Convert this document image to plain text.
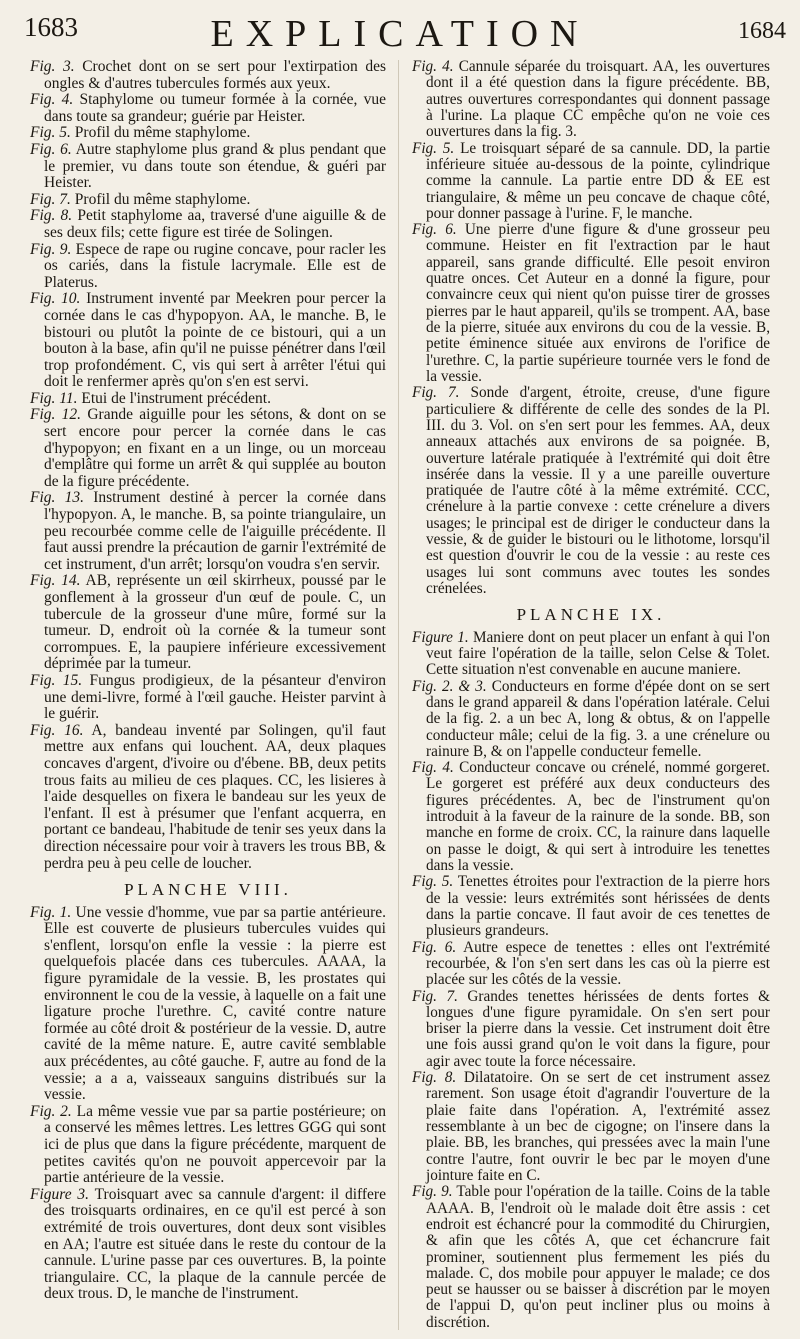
1683	EXPLICATION	1684

Fig. 3. Crochet dont on se sert pour l'extirpation des ongles & d'autres tubercules formés aux yeux.

Fig. 4. Staphylome ou tumeur formée à la cornée, vue dans toute sa grandeur; guérie par Heister.

Fig. 5. Profil du même staphylome.

Fig. 6. Autre staphylome plus grand & plus pendant que le premier, vu dans toute son étendue, & guéri par Heister.

Fig. 7. Profil du même staphylome.

Fig. 8. Petit staphylome aa, traversé d'une aiguille & de ses deux fils; cette figure est tirée de Solingen.

Fig. 9. Espece de rape ou rugine concave, pour racler les os cariés, dans la fistule lacrymale. Elle est de Platerus.

Fig. 10. Instrument inventé par Meekren pour percer la cornée dans le cas d'hypopyon. AA, le manche. B, le bistouri ou plutôt la pointe de ce bistouri, qui a un bouton à la base, afin qu'il ne puisse pénétrer dans l'œil trop profondément. C, vis qui sert à arrêter l'étui qui doit le renfermer après qu'on s'en est servi.

Fig. 11. Etui de l'instrument précédent.

Fig. 12. Grande aiguille pour les sétons, & dont on se sert encore pour percer la cornée dans le cas d'hypopyon; en fixant en a un linge, ou un morceau d'emplâtre qui forme un arrêt & qui supplée au bouton de la figure précédente.

Fig. 13. Instrument destiné à percer la cornée dans l'hypopyon. A, le manche. B, sa pointe triangulaire, un peu recourbée comme celle de l'aiguille précédente. Il faut aussi prendre la précaution de garnir l'extrémité de cet instrument, d'un arrêt; lorsqu'on voudra s'en servir.

Fig. 14. AB, représente un œil skirrheux, poussé par le gonflement à la grosseur d'un œuf de poule. C, un tubercule de la grosseur d'une mûre, formé sur la tumeur. D, endroit où la cornée & la tumeur sont corrompues. E, la paupiere inférieure excessivement déprimée par la tumeur.

Fig. 15. Fungus prodigieux, de la pésanteur d'environ une demi-livre, formé à l'œil gauche. Heister parvint à le guérir.

Fig. 16. A, bandeau inventé par Solingen, qu'il faut mettre aux enfans qui louchent. AA, deux plaques concaves d'argent, d'ivoire ou d'ébene. BB, deux petits trous faits au milieu de ces plaques. CC, les lisieres à l'aide desquelles on fixera le bandeau sur les yeux de l'enfant. Il est à présumer que l'enfant acquerra, en portant ce bandeau, l'habitude de tenir ses yeux dans la direction nécessaire pour voir à travers les trous BB, & perdra peu à peu celle de loucher.

PLANCHE VIII.

Fig. 1. Une vessie d'homme, vue par sa partie antérieure. Elle est couverte de plusieurs tubercules vuides qui s'enflent, lorsqu'on enfle la vessie : la pierre est quelquefois placée dans ces tubercules. AAAA, la figure pyramidale de la vessie. B, les prostates qui environnent le cou de la vessie, à laquelle on a fait une ligature proche l'urethre. C, cavité contre nature formée au côté droit & postérieur de la vessie. D, autre cavité de la même nature. E, autre cavité semblable aux précédentes, au côté gauche. F, autre au fond de la vessie; a a a, vaisseaux sanguins distribués sur la vessie.

Fig. 2. La même vessie vue par sa partie postérieure; on a conservé les mêmes lettres. Les lettres GGG qui sont ici de plus que dans la figure précédente, marquent de petites cavités qu'on ne pouvoit appercevoir par la partie antérieure de la vessie.

Figure 3. Troisquart avec sa cannule d'argent: il differe des troisquarts ordinaires, en ce qu'il est percé à son extrémité de trois ouvertures, dont deux sont visibles en AA; l'autre est située dans le reste du contour de la cannule. L'urine passe par ces ouvertures. B, la pointe triangulaire. CC, la plaque de la cannule percée de deux trous. D, le manche de l'instrument.

Fig. 4. Cannule séparée du troisquart. AA, les ouvertures dont il a été question dans la figure précédente. BB, autres ouvertures correspondantes qui donnent passage à l'urine. La plaque CC empêche qu'on ne voie ces ouvertures dans la fig. 3.

Fig. 5. Le troisquart séparé de sa cannule. DD, la partie inférieure située au-dessous de la pointe, cylindrique comme la cannule. La partie entre DD & EE est triangulaire, & même un peu concave de chaque côté, pour donner passage à l'urine. F, le manche.

Fig. 6. Une pierre d'une figure & d'une grosseur peu commune. Heister en fit l'extraction par le haut appareil, sans grande difficulté. Elle pesoit environ quatre onces. Cet Auteur en a donné la figure, pour convaincre ceux qui nient qu'on puisse tirer de grosses pierres par le haut appareil, qu'ils se trompent. AA, base de la pierre, située aux environs du cou de la vessie. B, petite éminence située aux environs de l'orifice de l'urethre. C, la partie supérieure tournée vers le fond de la vessie.

Fig. 7. Sonde d'argent, étroite, creuse, d'une figure particuliere & différente de celle des sondes de la Pl. III. du 3. Vol. on s'en sert pour les femmes. AA, deux anneaux attachés aux environs de sa poignée. B, ouverture latérale pratiquée à l'extrémité qui doit être insérée dans la vessie. Il y a une pareille ouverture pratiquée de l'autre côté à la même extrémité. CCC, crénelure à la partie convexe : cette crénelure a divers usages; le principal est de diriger le conducteur dans la vessie, & de guider le bistouri ou le lithotome, lorsqu'il est question d'ouvrir le cou de la vessie : au reste ces usages lui sont communs avec toutes les sondes crénelées.

PLANCHE IX.

Figure 1. Maniere dont on peut placer un enfant à qui l'on veut faire l'opération de la taille, selon Celse & Tolet. Cette situation n'est convenable en aucune maniere.

Fig. 2. & 3. Conducteurs en forme d'épée dont on se sert dans le grand appareil & dans l'opération latérale. Celui de la fig. 2. a un bec A, long & obtus, & on l'appelle conducteur mâle; celui de la fig. 3. a une crénelure ou rainure B, & on l'appelle conducteur femelle.

Fig. 4. Conducteur concave ou crénelé, nommé gorgeret. Le gorgeret est préféré aux deux conducteurs des figures précédentes. A, bec de l'instrument qu'on introduit à la faveur de la rainure de la sonde. BB, son manche en forme de croix. CC, la rainure dans laquelle on passe le doigt, & qui sert à introduire les tenettes dans la vessie.

Fig. 5. Tenettes étroites pour l'extraction de la pierre hors de la vessie: leurs extrémités sont hérissées de dents dans la partie concave. Il faut avoir de ces tenettes de plusieurs grandeurs.

Fig. 6. Autre espece de tenettes : elles ont l'extrémité recourbée, & l'on s'en sert dans les cas où la pierre est placée sur les côtés de la vessie.

Fig. 7. Grandes tenettes hérissées de dents fortes & longues d'une figure pyramidale. On s'en sert pour briser la pierre dans la vessie. Cet instrument doit être une fois aussi grand qu'on le voit dans la figure, pour agir avec toute la force nécessaire.

Fig. 8. Dilatatoire. On se sert de cet instrument assez rarement. Son usage étoit d'agrandir l'ouverture de la plaie faite dans l'opération. A, l'extrémité assez ressemblante à un bec de cigogne; on l'insere dans la plaie. BB, les branches, qui pressées avec la main l'une contre l'autre, font ouvrir le bec par le moyen d'une jointure faite en C.

Fig. 9. Table pour l'opération de la taille. Coins de la table AAAA. B, l'endroit où le malade doit être assis : cet endroit est échancré pour la commodité du Chirurgien, & afin que les côtés A, que cet échancrure fait prominer, soutiennent plus fermement les piés du malade. C, dos mobile pour appuyer le malade; ce dos peut se hausser ou se baisser à discrétion par le moyen de l'appui D, qu'on peut incliner plus ou moins à discrétion.
